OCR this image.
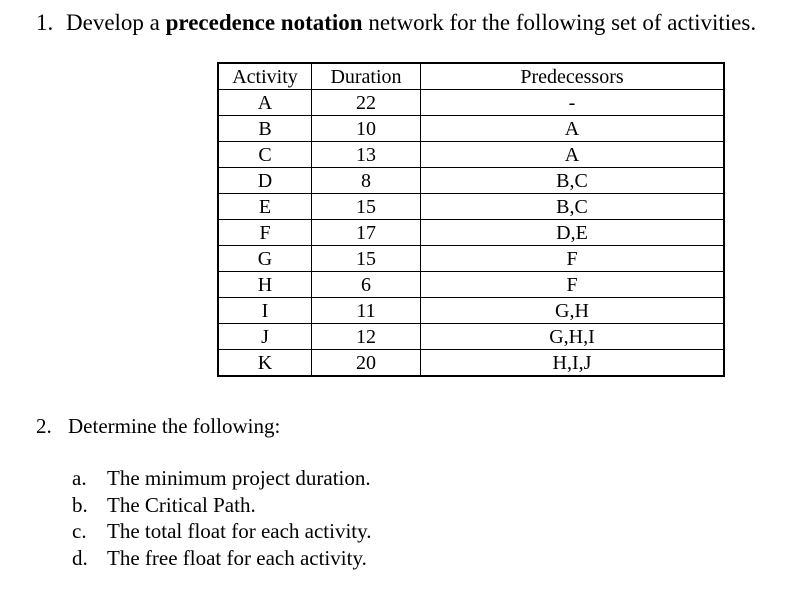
1. Develop a precedence notation network for the following set of activities.
Activity	Duration	Predecessors
A	22	-
B	10	A
C	13	A
D	8	B,C
E	15	B,C
F	17	D,E
G	15	F
H	6	F
I	11	G,H
J	12	G,H,I
K	20	H,I,J
2. Determine the following:
a. The minimum project duration.
b. The Critical Path.
c. The total float for each activity.
d. The free float for each activity.
